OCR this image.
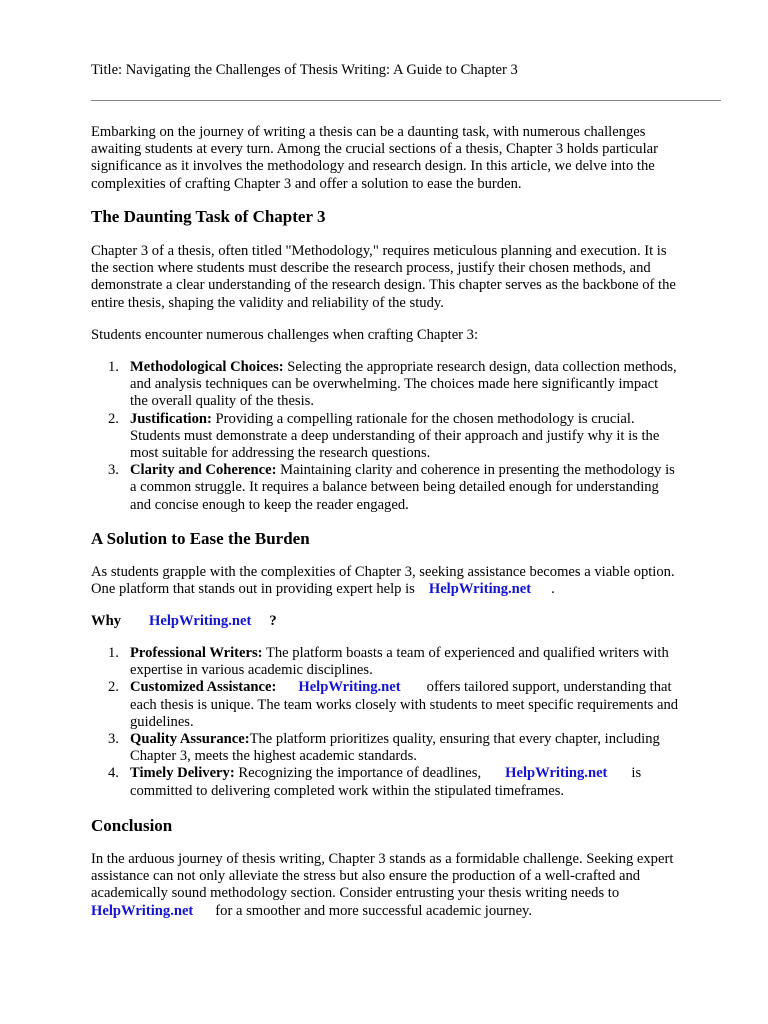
Title: Navigating the Challenges of Thesis Writing: A Guide to Chapter 3

Embarking on the journey of writing a thesis can be a daunting task, with numerous challenges

awaiting students at every turn. Among the crucial sections of a thesis, Chapter 3 holds particular

significance as it involves the methodology and research design. In this article, we delve into the

complexities of crafting Chapter 3 and offer a solution to ease the burden.

The Daunting Task of Chapter 3

Chapter 3 of a thesis, often titled "Methodology," requires meticulous planning and execution. It is

the section where students must describe the research process, justify their chosen methods, and

demonstrate a clear understanding of the research design. This chapter serves as the backbone of the

entire thesis, shaping the validity and reliability of the study.

Students encounter numerous challenges when crafting Chapter 3:

1. Methodological Choices: Selecting the appropriate research design, data collection methods,
and analysis techniques can be overwhelming. The choices made here significantly impact
the overall quality of the thesis.
2. Justification: Providing a compelling rationale for the chosen methodology is crucial.
Students must demonstrate a deep understanding of their approach and justify why it is the
most suitable for addressing the research questions.
3. Clarity and Coherence: Maintaining clarity and coherence in presenting the methodology is
a common struggle. It requires a balance between being detailed enough for understanding
and concise enough to keep the reader engaged.
A Solution to Ease the Burden

As students grapple with the complexities of Chapter 3, seeking assistance becomes a viable option.

One platform that stands out in providing expert help is HelpWriting.net .

Why HelpWriting.net ?

1. Professional Writers: The platform boasts a team of experienced and qualified writers with
expertise in various academic disciplines.
2. Customized Assistance: HelpWriting.net offers tailored support, understanding that
each thesis is unique. The team works closely with students to meet specific requirements and
guidelines.
3. Quality Assurance:The platform prioritizes quality, ensuring that every chapter, including
Chapter 3, meets the highest academic standards.
4. Timely Delivery: Recognizing the importance of deadlines, HelpWriting.net is
committed to delivering completed work within the stipulated timeframes.
Conclusion

In the arduous journey of thesis writing, Chapter 3 stands as a formidable challenge. Seeking expert

assistance can not only alleviate the stress but also ensure the production of a well-crafted and

academically sound methodology section. Consider entrusting your thesis writing needs to

HelpWriting.net for a smoother and more successful academic journey.
